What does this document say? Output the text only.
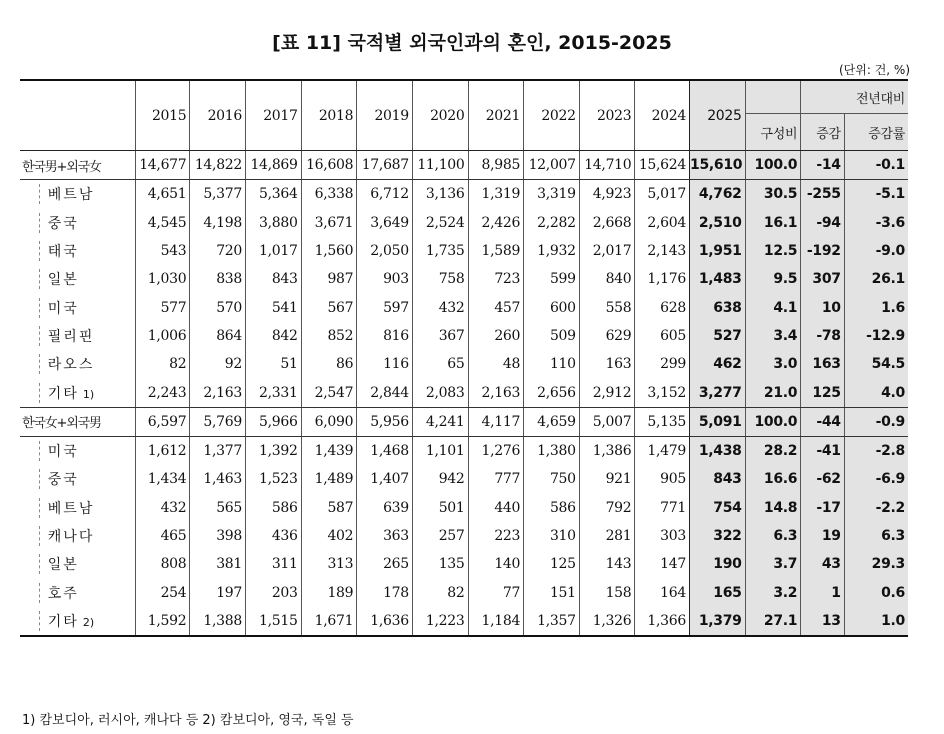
[표 11] 국적별 외국인과의 혼인, 2015-2025
(단위: 건, %)
	2015	2016	2017	2018	2019	2020	2021	2022	2023	2024	2025		전년대비	
												구성비	증감	증감률
한국男+외국女	14,677	14,822	14,869	16,608	17,687	11,100	8,985	12,007	14,710	15,624	15,610	100.0	-14	-0.1
베트남	4,651	5,377	5,364	6,338	6,712	3,136	1,319	3,319	4,923	5,017	4,762	30.5	-255	-5.1
중국	4,545	4,198	3,880	3,671	3,649	2,524	2,426	2,282	2,668	2,604	2,510	16.1	-94	-3.6
태국	543	720	1,017	1,560	2,050	1,735	1,589	1,932	2,017	2,143	1,951	12.5	-192	-9.0
일본	1,030	838	843	987	903	758	723	599	840	1,176	1,483	9.5	307	26.1
미국	577	570	541	567	597	432	457	600	558	628	638	4.1	10	1.6
필리핀	1,006	864	842	852	816	367	260	509	629	605	527	3.4	-78	-12.9
라오스	82	92	51	86	116	65	48	110	163	299	462	3.0	163	54.5
기타 1)	2,243	2,163	2,331	2,547	2,844	2,083	2,163	2,656	2,912	3,152	3,277	21.0	125	4.0
한국女+외국男	6,597	5,769	5,966	6,090	5,956	4,241	4,117	4,659	5,007	5,135	5,091	100.0	-44	-0.9
미국	1,612	1,377	1,392	1,439	1,468	1,101	1,276	1,380	1,386	1,479	1,438	28.2	-41	-2.8
중국	1,434	1,463	1,523	1,489	1,407	942	777	750	921	905	843	16.6	-62	-6.9
베트남	432	565	586	587	639	501	440	586	792	771	754	14.8	-17	-2.2
캐나다	465	398	436	402	363	257	223	310	281	303	322	6.3	19	6.3
일본	808	381	311	313	265	135	140	125	143	147	190	3.7	43	29.3
호주	254	197	203	189	178	82	77	151	158	164	165	3.2	1	0.6
기타 2)	1,592	1,388	1,515	1,671	1,636	1,223	1,184	1,357	1,326	1,366	1,379	27.1	13	1.0
1) 캄보디아, 러시아, 캐나다 등 2) 캄보디아, 영국, 독일 등
